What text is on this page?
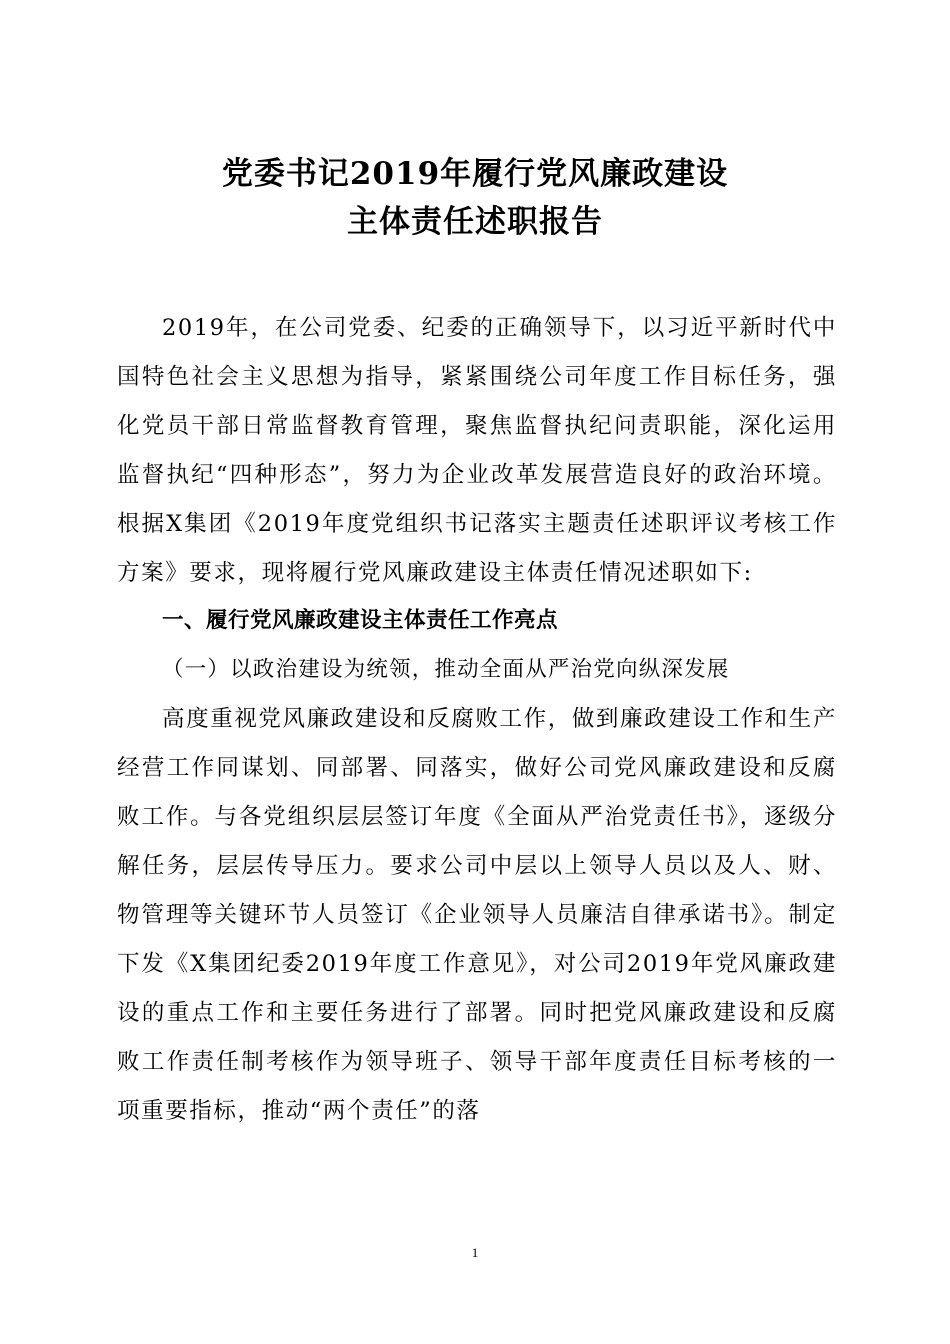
党委书记2019年履行党风廉政建设
主体责任述职报告

2019年，在公司党委、纪委的正确领导下，以习近平新时代中国特色社会主义思想为指导，紧紧围绕公司年度工作目标任务，强化党员干部日常监督教育管理，聚焦监督执纪问责职能，深化运用监督执纪“四种形态”，努力为企业改革发展营造良好的政治环境。根据X集团《2019年度党组织书记落实主题责任述职评议考核工作方案》要求，现将履行党风廉政建设主体责任情况述职如下:

一、履行党风廉政建设主体责任工作亮点
（一）以政治建设为统领，推动全面从严治党向纵深发展

高度重视党风廉政建设和反腐败工作，做到廉政建设工作和生产经营工作同谋划、同部署、同落实，做好公司党风廉政建设和反腐败工作。与各党组织层层签订年度《全面从严治党责任书》，逐级分解任务，层层传导压力。要求公司中层以上领导人员以及人、财、物管理等关键环节人员签订《企业领导人员廉洁自律承诺书》。制定下发《X集团纪委2019年度工作意见》，对公司2019年党风廉政建设的重点工作和主要任务进行了部署。同时把党风廉政建设和反腐败工作责任制考核作为领导班子、领导干部年度责任目标考核的一项重要指标，推动“两个责任”的落

1
